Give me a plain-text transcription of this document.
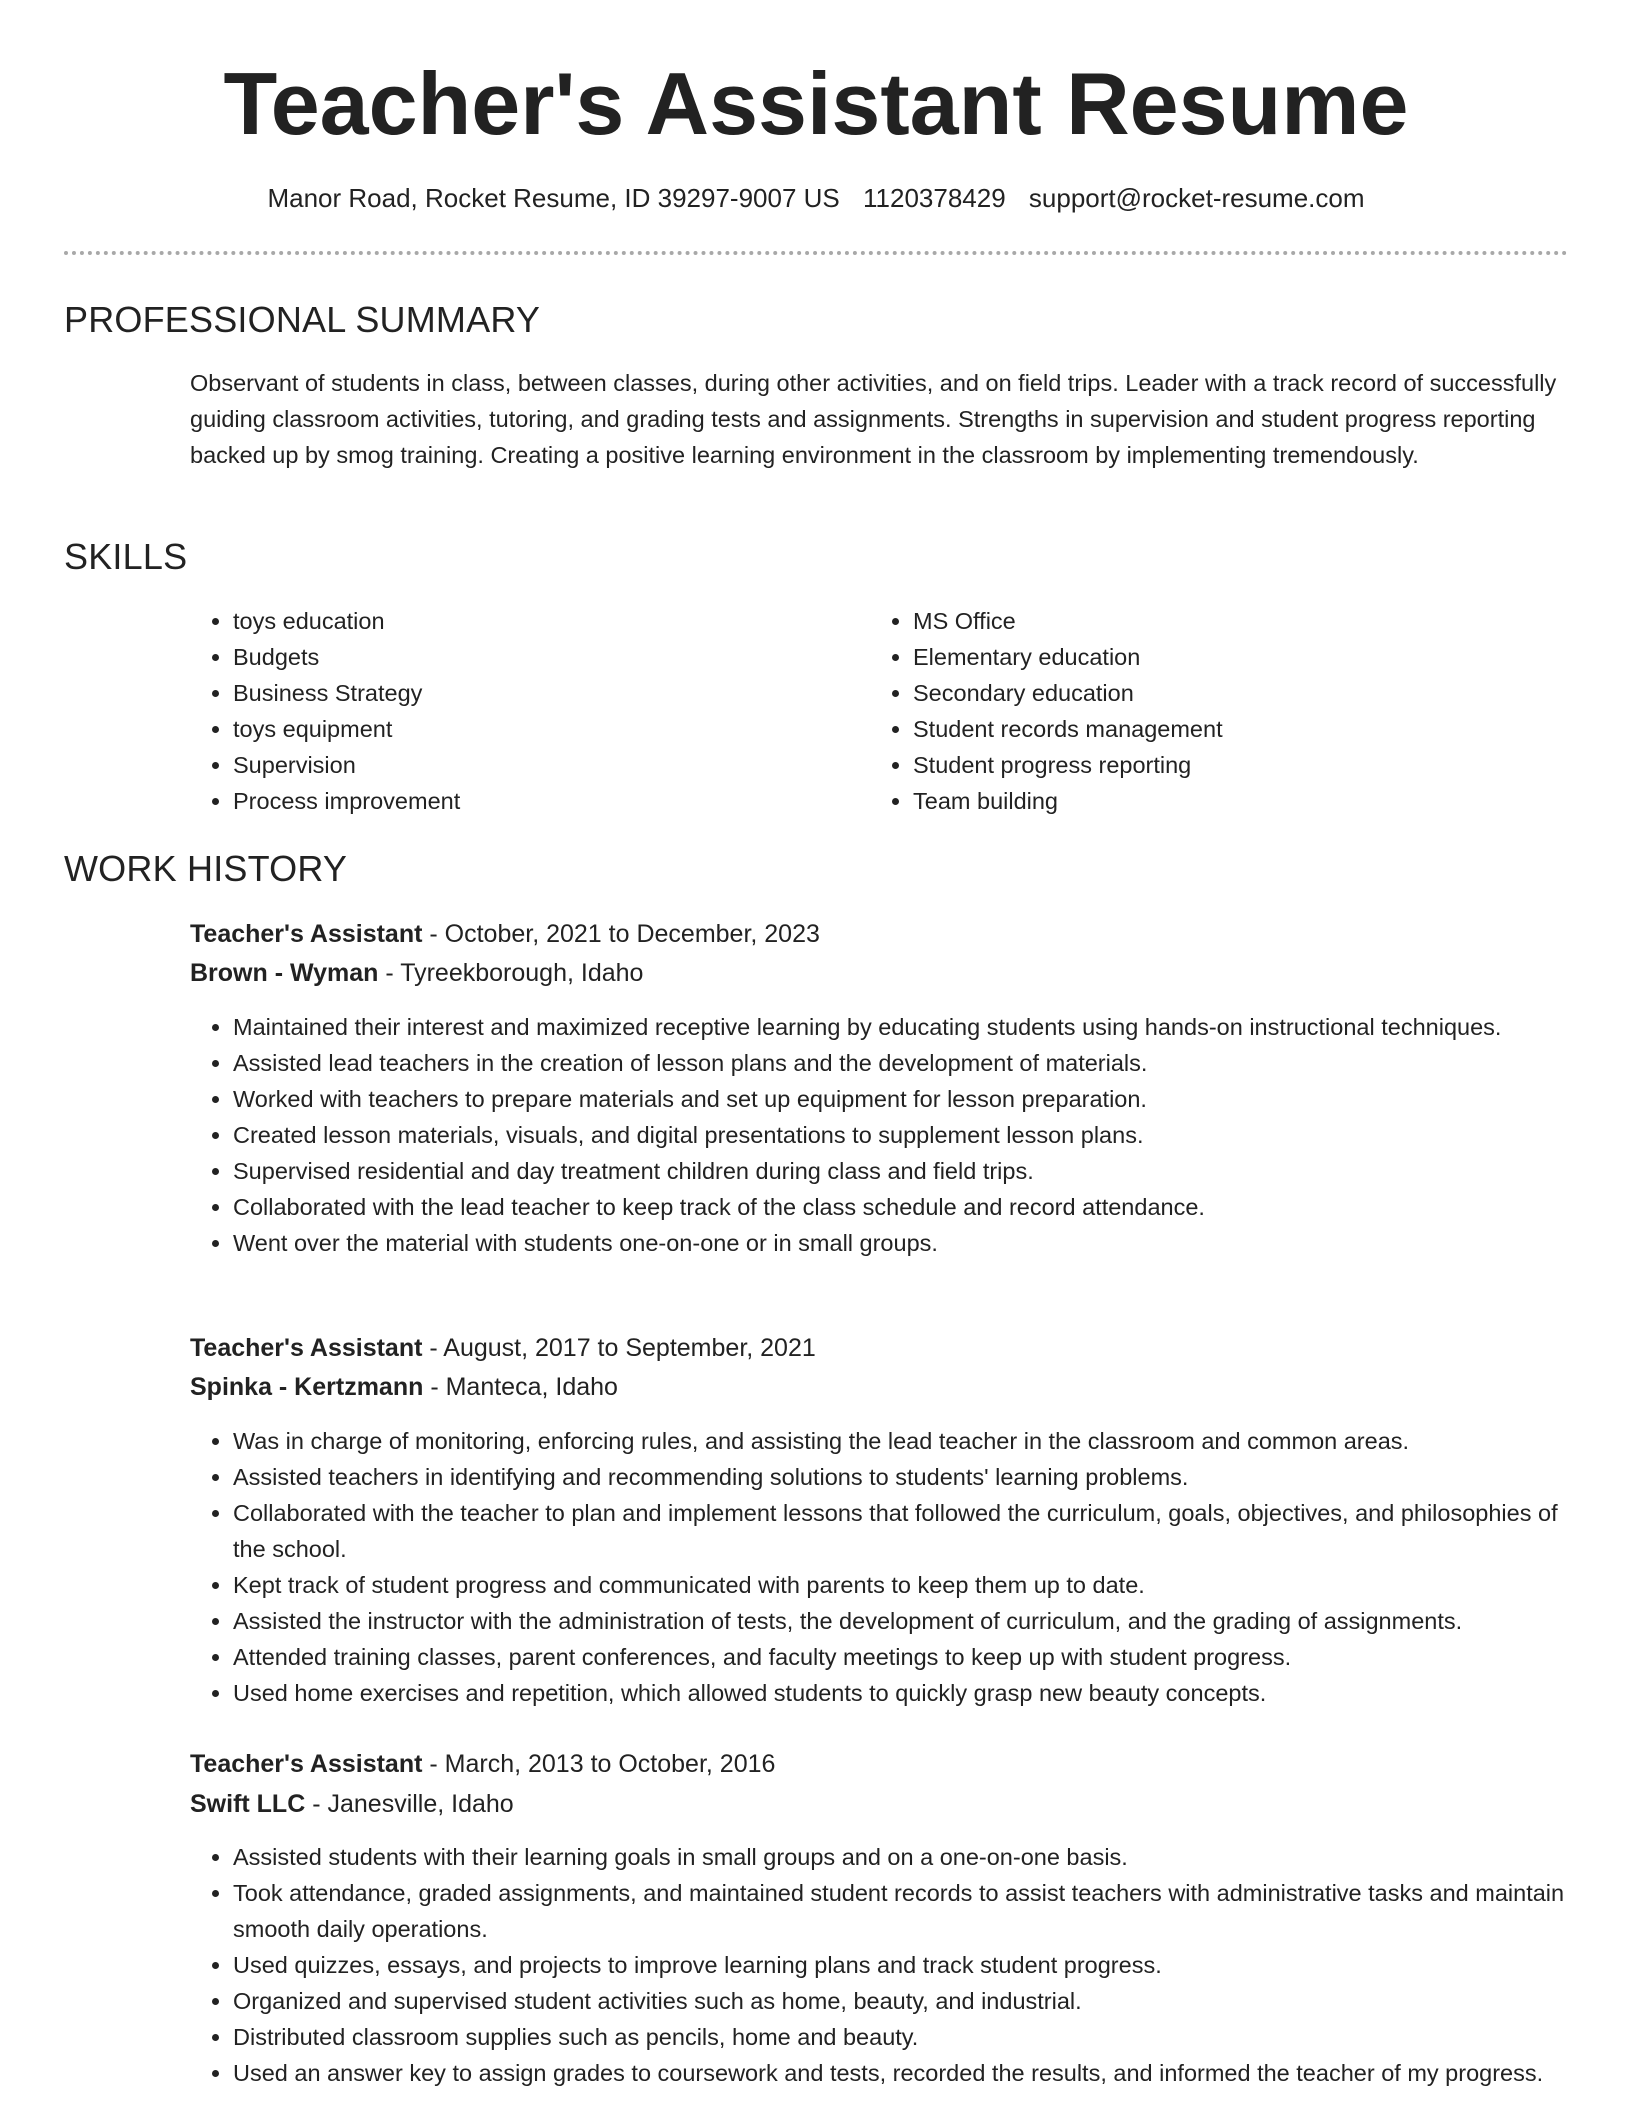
Teacher's Assistant Resume
Manor Road, Rocket Resume, ID 39297-9007 US 1120378429 support@rocket-resume.com
PROFESSIONAL SUMMARY

Observant of students in class, between classes, during other activities, and on field trips. Leader with a track record of successfully guiding classroom activities, tutoring, and grading tests and assignments. Strengths in supervision and student progress reporting backed up by smog training. Creating a positive learning environment in the classroom by implementing tremendously.

SKILLS
• toys education
• Budgets
• Business Strategy
• toys equipment
• Supervision
• Process improvement
• MS Office
• Elementary education
• Secondary education
• Student records management
• Student progress reporting
• Team building
WORK HISTORY

Teacher's Assistant - October, 2021 to December, 2023

Brown - Wyman - Tyreekborough, Idaho

• Maintained their interest and maximized receptive learning by educating students using hands-on instructional techniques.
• Assisted lead teachers in the creation of lesson plans and the development of materials.
• Worked with teachers to prepare materials and set up equipment for lesson preparation.
• Created lesson materials, visuals, and digital presentations to supplement lesson plans.
• Supervised residential and day treatment children during class and field trips.
• Collaborated with the lead teacher to keep track of the class schedule and record attendance.
• Went over the material with students one-on-one or in small groups.

Teacher's Assistant - August, 2017 to September, 2021

Spinka - Kertzmann - Manteca, Idaho

• Was in charge of monitoring, enforcing rules, and assisting the lead teacher in the classroom and common areas.
• Assisted teachers in identifying and recommending solutions to students' learning problems.
• Collaborated with the teacher to plan and implement lessons that followed the curriculum, goals, objectives, and philosophies of the school.
• Kept track of student progress and communicated with parents to keep them up to date.
• Assisted the instructor with the administration of tests, the development of curriculum, and the grading of assignments.
• Attended training classes, parent conferences, and faculty meetings to keep up with student progress.
• Used home exercises and repetition, which allowed students to quickly grasp new beauty concepts.

Teacher's Assistant - March, 2013 to October, 2016

Swift LLC - Janesville, Idaho

• Assisted students with their learning goals in small groups and on a one-on-one basis.
• Took attendance, graded assignments, and maintained student records to assist teachers with administrative tasks and maintain smooth daily operations.
• Used quizzes, essays, and projects to improve learning plans and track student progress.
• Organized and supervised student activities such as home, beauty, and industrial.
• Distributed classroom supplies such as pencils, home and beauty.
• Used an answer key to assign grades to coursework and tests, recorded the results, and informed the teacher of my progress.
